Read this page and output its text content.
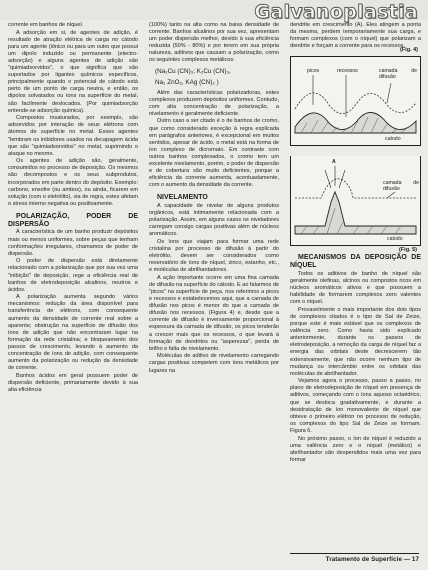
Galvanoplastia

corrente em banhos de níquel.

A adsorção em si, de agentes de adição, é resultado de atração elétrica de carga no cátodo para um agente (iônico ou para um outro que possui um dipolo induzido ou permanente (electro-adsorção) e alguns agentes de adição são "quimiadsorvidos", o que significa que são suportados por ligantes químicos específicos, principalmente quando o potencial de cátodo está perto de um ponto de carga neutra, e então, os dipolos solvatados ou íons na superfície do metal, são facilmente deslocados. (Por quimiadsorção entende-se adsorção química).

Compostos insaturados, por exemplo, são adsorvidos por interação de seus elétrons com átomos de superfície no metal. Esses agentes "lembram os inibidores usados na decapagem ácida que são "quimiadsorvidos" no metal, suprimindo o ataque no mesmo.

Os agentes de adição são, geralmente, consumidos no processo de deposição. Os mesmos são decompostos e os seus subprodutos, incorporados em parte dentro do depósito. Exemplo: carbono, enxofre (ou ambos), ou ainda, ficarem em solução (com o eletrólito), via de regra, estes afetam o stress interno negativa ou positivamente.

POLARIZAÇÃO, PODER DE DISPERSÃO

À característica de um banho produzir depósitos mais ou menos uniformes, sobre peças que tenham conformações irregulares, chamamos de poder de dispersão.

O poder de dispersão está diretamente relacionado com a polarização que por sua vez uma "inibição" de deposição, rege a eficiência real de banhos de eletrodeposição alcalinos, neutros e ácidos.

A polarização aumenta segundo vários mecanismos: redução da área disponível para transferência de elétrons, com consequente aumento da densidade de corrente real sobre a aparente; obstrução na superfície de difusão dos íons de adição que não encontraram lugar na formação da rede cristalina; e bloqueamento dos passos de crescimento, levando à aumento da concentração de íons de adição, com consequente aumento da polarização ou redução da densidade de corrente.

Banhos ácidos em geral possuem poder de dispersão deficiente, primariamente devido à sua alta eficiência

(100%) tanto na alta como na baixa densidade de corrente. Banhos alcalinos por sua vez, apresentam um poder dispersão melhor, devido à sua eficiência reduzida (50% - 80%) e por terem em sua própria natureza, aditivos que causam a polarização, como os seguintes complexos metálicos:

(Na₂Cu (CN)₃; K₂Cu (CN)₃,

Na₂ ZnO₂, KAg (CN)₂ )

Além das características polarizadoras, estes complexos produzem depósitos uniformes. Contudo, com alta concentração de polarização, a nivelamento é geralmente deficiente.

Outro caso a ser citado é o de banhos de cromo, que como considerado exceção à regra explicada em parágrafos anteriores, é excepcional em muitos sentidos, apesar de ácido, o metal está na forma de íon complexo de dicromato. Em contraste com outros banhos complexados, o cromo tem um excelente nivelamento, porém, o poder de dispersão e de cobertura são muito deficientes, porque a eficiência da corrente aumenta, acentuadamente, com o aumento da densidade da corrente.

NIVELAMENTO

A capacidade de nivelar de alguns produtos orgânicos, está intimamente relacionada com a polarização. Assim, em alguns casos os niveladores carregam consigo cargas positivas além de núcleos aromáticos.

Os íons que viajam para formar uma rede cristalina por processo de difusão à partir do eletrólito, devem ser considerados como reservatório de íons de níquel, zinco, estanho, etc., e moléculas de abrilhantadores.

A ação importante ocorre em uma fina camada de difusão na superfície do cátodo. E ao falarmos de "picos" na superfície de peça, nos referimos a picos e recessos e estabelecemos aqui, que a camada de difusão nos picos é menor do que a camada de difusão nos recessos. (Figura 4) e, desde que a corrente de difusão é inversamente proporcional à espessura da camada de difusão, os picos tenderão a crescer mais que os recessos, o que levará à formação de dendritos ou "asperezas", perda de brilho e falta de nivelamento.

Moléculas de aditivo de nivelamento carregando cargas positivas competem com íons metálicos por lugares na

dendrite em crescimento (A). Eles atingem a ponta da mesma, perdem temporariamente sua carga, e formam complexos (com o níquel) que polarizam a dendrite e forçam a corrente para os recessos.

picos	recessos	camada de difusão
catodo
(Fig. 4)
A
camada de difusão
catodo
(Fig. 5)

MECANISMOS DA DEPOSIÇÃO DE NÍQUEL

Todos os aditivos de banho de níquel são geralmente olefinas, alcinos ou compostos ricos em núcleos aromáticos ativos e que possuem a habilidade de formarem complexos zero valentes com o níquel.

Provavelmente o mais importante dos dois tipos de complexos citados é o tipo de Sal de Zeize, porque este é mais estável que os complexos de valência zero. Como havia sido explicado anteriormente, durante os passos de eletrodeposição, a remoção da carga de níquel faz a energia das orbitais deste decrescerem tão extensivamente, que não ocorre nenhum tipo de mudança ou intercâmbio entre os orbitais das moléculas de abrilhantador.

Vejamos agora o processo, passo a passo, no plano de eletrodeposição de níquel em presença de aditivos, começando com o íons aquoso octaédrico, que se desloca gradativamente, e durante a desidratação de íon monovalente de níquel que obteve o primeiro elétron no processo de redução, os complexos do tipo Sal de Zeize se formam. Figura 6.

No próximo passo, o íon de níquel é reduzido a uma valência zero e o níquel (metálico) e abrilhantador são despendidos mais uma vez para formar

Tratamento de Superfície — 17
